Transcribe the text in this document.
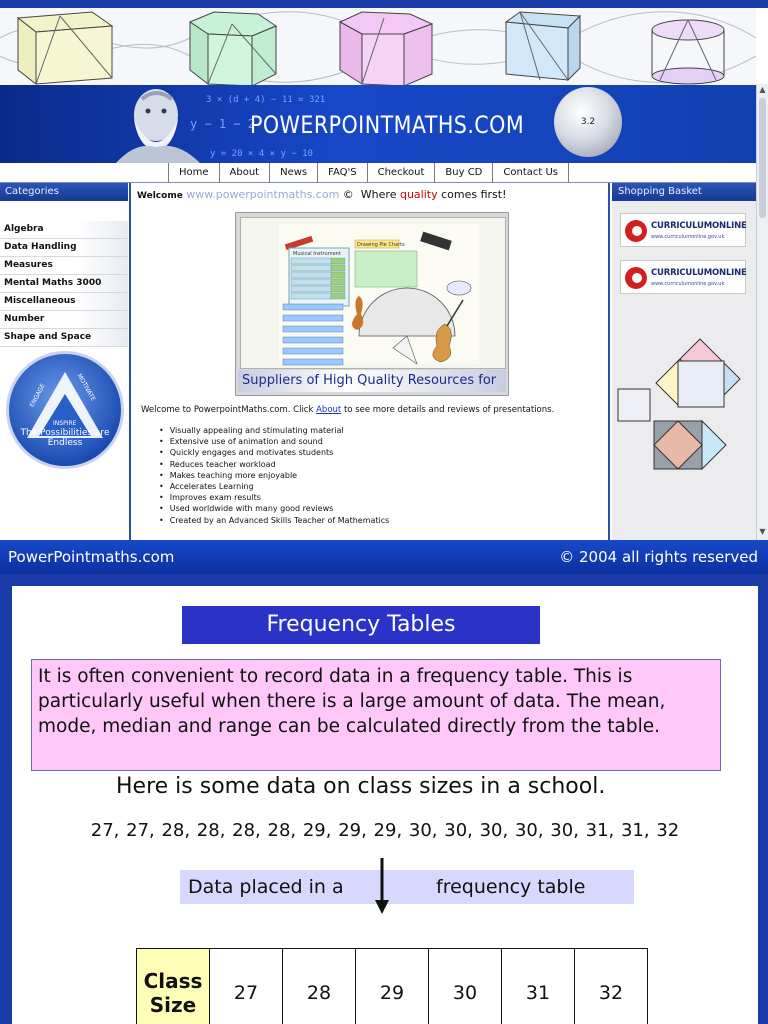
▲
▼
3 × (d + 4) − 11 = 321
y − 1 − 2
y = 20 × 4 × y − 10
POWERPOINTMATHS.COM	3.2
Home	About	News	FAQ'S	Checkout	Buy CD	Contact Us
Categories
Algebra
Data Handling
Measures
Mental Maths 3000
Miscellaneous
Number
Shape and Space
ENGAGE	MOTIVATE
INSPIRE
The Possibilities are Endless
Welcome www.powerpointmaths.com © Where quality comes first!
Musical Instrument
Drawing Pie Charts
Suppliers of High Quality Resources for
Welcome to PowerpointMaths.com. Click About to see more details and reviews of presentations.
• Visually appealing and stimulating material
• Extensive use of animation and sound
• Quickly engages and motivates students
• Reduces teacher workload
• Makes teaching more enjoyable
• Accelerates Learning
• Improves exam results
• Used worldwide with many good reviews
• Created by an Advanced Skills Teacher of Mathematics
Shopping Basket
CURRICULUMONLINE
www.curriculumonline.gov.uk
CURRICULUMONLINE
www.curriculumonline.gov.uk
PowerPointmaths.com	© 2004 all rights reserved
Frequency Tables
It is often convenient to record data in a frequency table. This is particularly useful when there is a large amount of data. The mean, mode, median and range can be calculated directly from the table.
Here is some data on class sizes in a school.
27, 27, 28, 28, 28, 28, 29, 29, 29, 30, 30, 30, 30, 30, 31, 31, 32
Data placed in a	frequency table
Class Size	27	28	29	30	31	32
